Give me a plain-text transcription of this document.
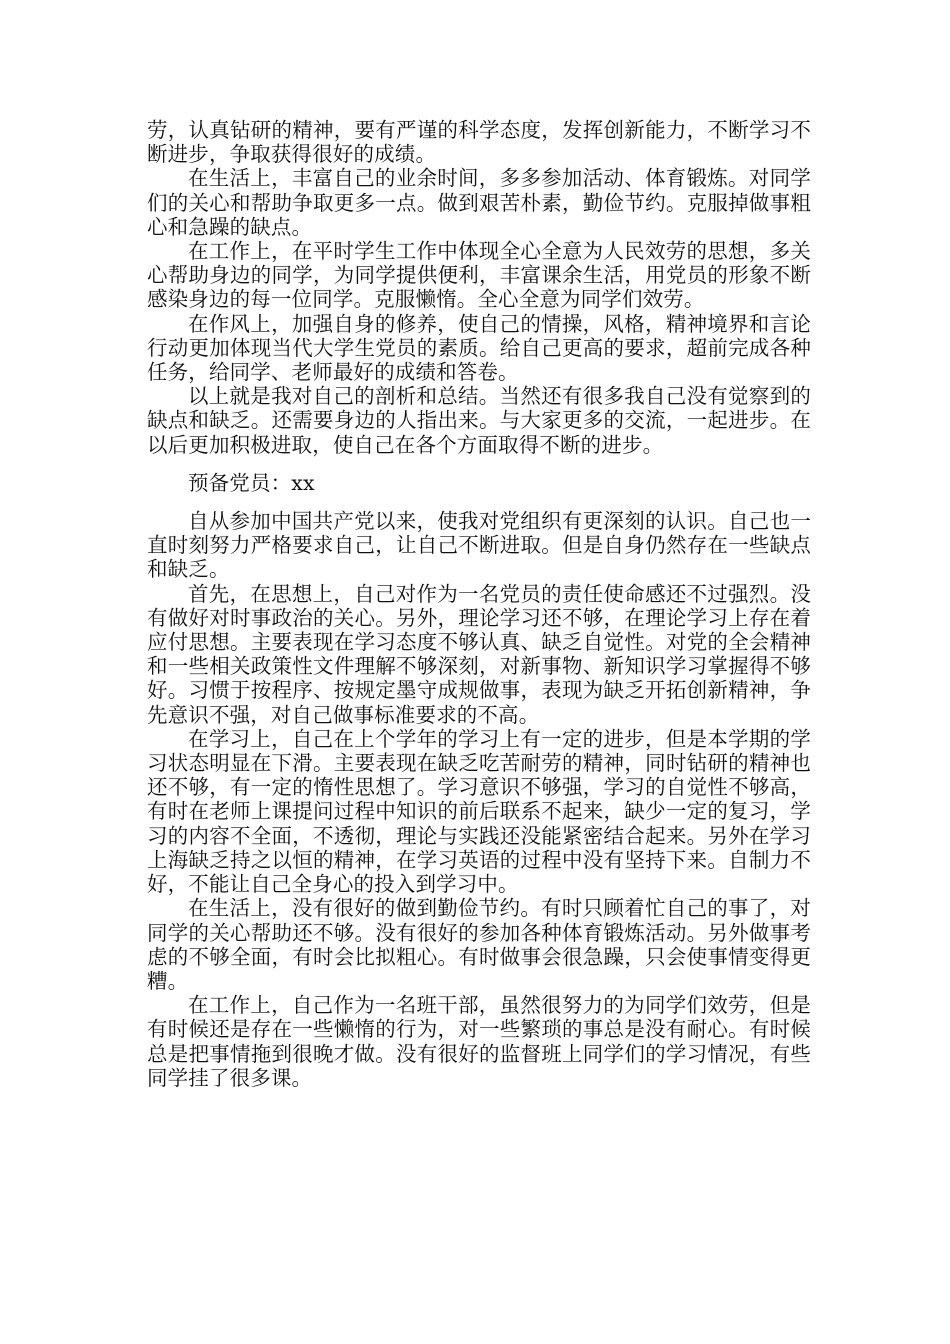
劳，认真钻研的精神，要有严谨的科学态度，发挥创新能力，不断学习不断进步，争取获得很好的成绩。

在生活上，丰富自己的业余时间，多多参加活动、体育锻炼。对同学们的关心和帮助争取更多一点。做到艰苦朴素，勤俭节约。克服掉做事粗心和急躁的缺点。

在工作上，在平时学生工作中体现全心全意为人民效劳的思想，多关心帮助身边的同学，为同学提供便利，丰富课余生活，用党员的形象不断感染身边的每一位同学。克服懒惰。全心全意为同学们效劳。

在作风上，加强自身的修养，使自己的情操，风格，精神境界和言论行动更加体现当代大学生党员的素质。给自己更高的要求，超前完成各种任务，给同学、老师最好的成绩和答卷。

以上就是我对自己的剖析和总结。当然还有很多我自己没有觉察到的缺点和缺乏。还需要身边的人指出来。与大家更多的交流，一起进步。在以后更加积极进取，使自己在各个方面取得不断的进步。

预备党员：xx

自从参加中国共产党以来，使我对党组织有更深刻的认识。自己也一直时刻努力严格要求自己，让自己不断进取。但是自身仍然存在一些缺点和缺乏。

首先，在思想上，自己对作为一名党员的责任使命感还不过强烈。没有做好对时事政治的关心。另外，理论学习还不够，在理论学习上存在着应付思想。主要表现在学习态度不够认真、缺乏自觉性。对党的全会精神和一些相关政策性文件理解不够深刻，对新事物、新知识学习掌握得不够好。习惯于按程序、按规定墨守成规做事，表现为缺乏开拓创新精神，争先意识不强，对自己做事标准要求的不高。

在学习上，自己在上个学年的学习上有一定的进步，但是本学期的学习状态明显在下滑。主要表现在缺乏吃苦耐劳的精神，同时钻研的精神也还不够，有一定的惰性思想了。学习意识不够强，学习的自觉性不够高，有时在老师上课提问过程中知识的前后联系不起来，缺少一定的复习，学习的内容不全面，不透彻，理论与实践还没能紧密结合起来。另外在学习上海缺乏持之以恒的精神，在学习英语的过程中没有坚持下来。自制力不好，不能让自己全身心的投入到学习中。

在生活上，没有很好的做到勤俭节约。有时只顾着忙自己的事了，对同学的关心帮助还不够。没有很好的参加各种体育锻炼活动。另外做事考虑的不够全面，有时会比拟粗心。有时做事会很急躁，只会使事情变得更糟。

在工作上，自己作为一名班干部，虽然很努力的为同学们效劳，但是有时候还是存在一些懒惰的行为，对一些繁琐的事总是没有耐心。有时候总是把事情拖到很晚才做。没有很好的监督班上同学们的学习情况，有些同学挂了很多课。
